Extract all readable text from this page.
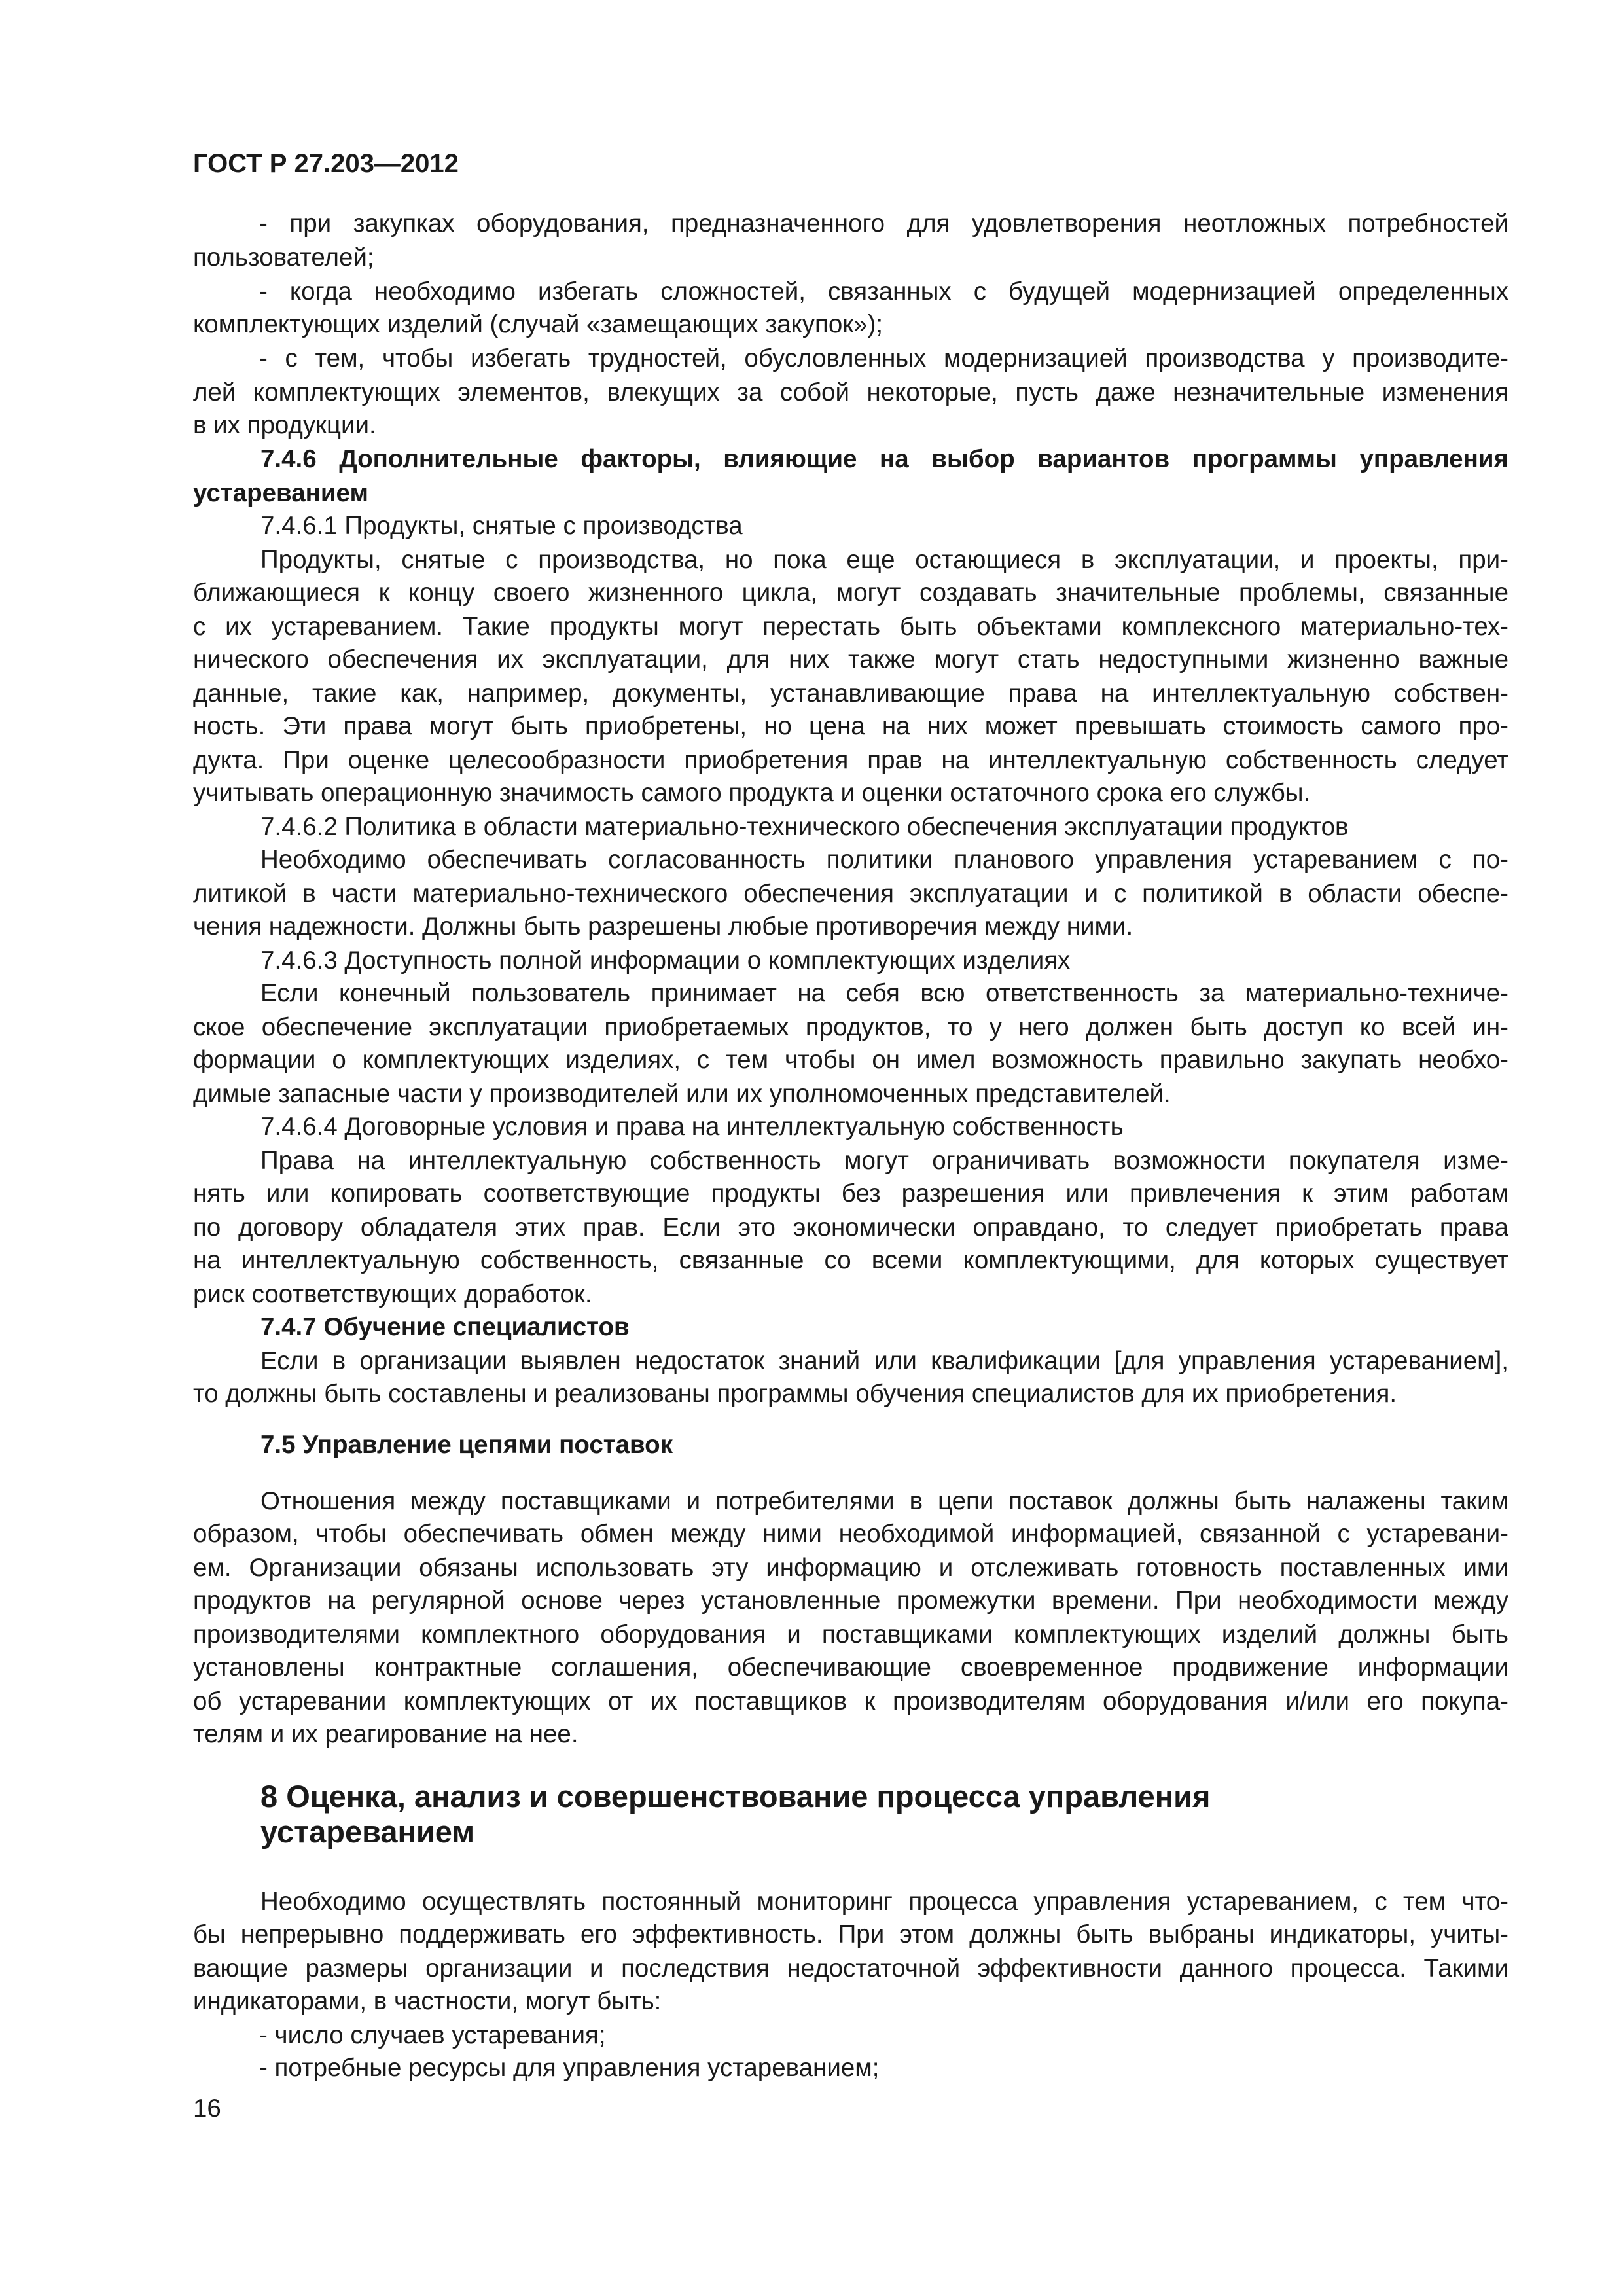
ГОСТ Р 27.203—2012
- при закупках оборудования, предназначенного для удовлетворения неотложных потребностей
пользователей;
- когда необходимо избегать сложностей, связанных с будущей модернизацией определенных
комплектующих изделий (случай «замещающих закупок»);
- с тем, чтобы избегать трудностей, обусловленных модернизацией производства у производите-
лей комплектующих элементов, влекущих за собой некоторые, пусть даже незначительные изменения
в их продукции.
7.4.6 Дополнительные факторы, влияющие на выбор вариантов программы управления
устареванием
7.4.6.1 Продукты, снятые с производства
Продукты, снятые с производства, но пока еще остающиеся в эксплуатации, и проекты, при-
ближающиеся к концу своего жизненного цикла, могут создавать значительные проблемы, связанные
с их устареванием. Такие продукты могут перестать быть объектами комплексного материально-тех-
нического обеспечения их эксплуатации, для них также могут стать недоступными жизненно важные
данные, такие как, например, документы, устанавливающие права на интеллектуальную собствен-
ность. Эти права могут быть приобретены, но цена на них может превышать стоимость самого про-
дукта. При оценке целесообразности приобретения прав на интеллектуальную собственность следует
учитывать операционную значимость самого продукта и оценки остаточного срока его службы.
7.4.6.2 Политика в области материально-технического обеспечения эксплуатации продуктов
Необходимо обеспечивать согласованность политики планового управления устареванием с по-
литикой в части материально-технического обеспечения эксплуатации и с политикой в области обеспе-
чения надежности. Должны быть разрешены любые противоречия между ними.
7.4.6.3 Доступность полной информации о комплектующих изделиях
Если конечный пользователь принимает на себя всю ответственность за материально-техниче-
ское обеспечение эксплуатации приобретаемых продуктов, то у него должен быть доступ ко всей ин-
формации о комплектующих изделиях, с тем чтобы он имел возможность правильно закупать необхо-
димые запасные части у производителей или их уполномоченных представителей.
7.4.6.4 Договорные условия и права на интеллектуальную собственность
Права на интеллектуальную собственность могут ограничивать возможности покупателя изме-
нять или копировать соответствующие продукты без разрешения или привлечения к этим работам
по договору обладателя этих прав. Если это экономически оправдано, то следует приобретать права
на интеллектуальную собственность, связанные со всеми комплектующими, для которых существует
риск соответствующих доработок.
7.4.7 Обучение специалистов
Если в организации выявлен недостаток знаний или квалификации [для управления устареванием],
то должны быть составлены и реализованы программы обучения специалистов для их приобретения.
7.5 Управление цепями поставок
Отношения между поставщиками и потребителями в цепи поставок должны быть налажены таким
образом, чтобы обеспечивать обмен между ними необходимой информацией, связанной с устаревани-
ем. Организации обязаны использовать эту информацию и отслеживать готовность поставленных ими
продуктов на регулярной основе через установленные промежутки времени. При необходимости между
производителями комплектного оборудования и поставщиками комплектующих изделий должны быть
установлены контрактные соглашения, обеспечивающие своевременное продвижение информации
об устаревании комплектующих от их поставщиков к производителям оборудования и/или его покупа-
телям и их реагирование на нее.
8 Оценка, анализ и совершенствование процесса управления
устареванием
Необходимо осуществлять постоянный мониторинг процесса управления устареванием, с тем что-
бы непрерывно поддерживать его эффективность. При этом должны быть выбраны индикаторы, учиты-
вающие размеры организации и последствия недостаточной эффективности данного процесса. Такими
индикаторами, в частности, могут быть:
- число случаев устаревания;
- потребные ресурсы для управления устареванием;
16
